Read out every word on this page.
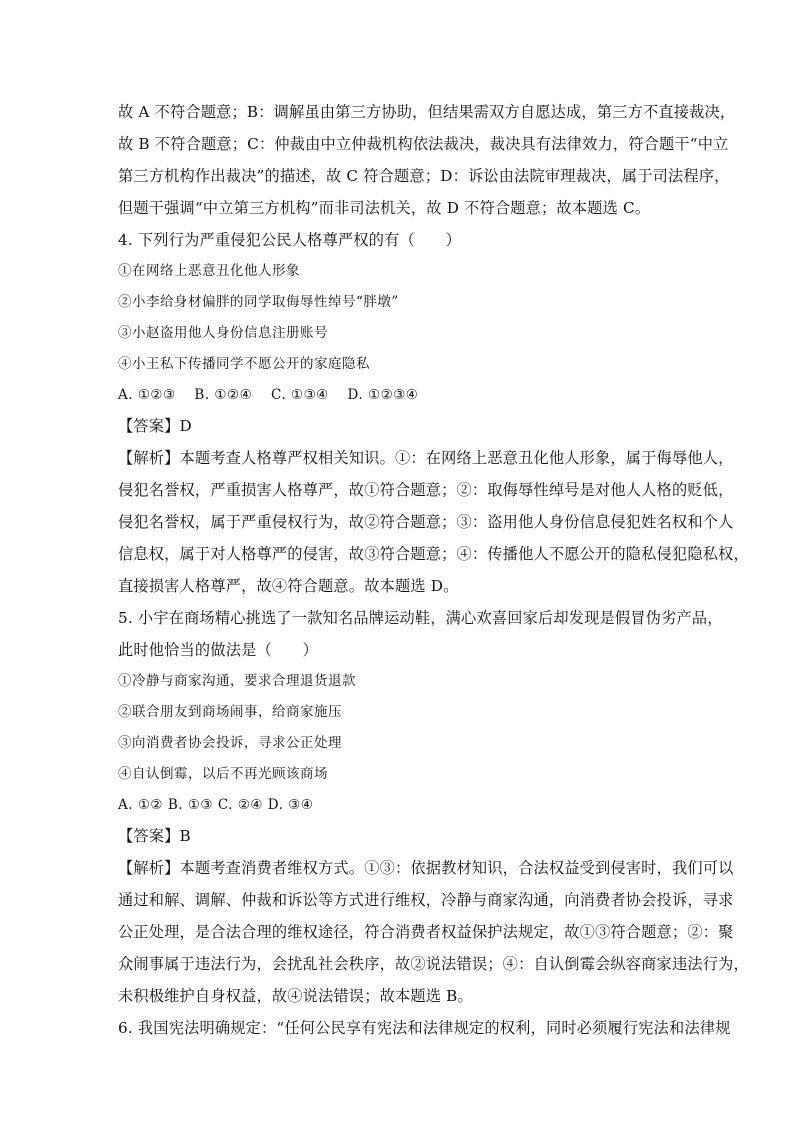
故 A 不符合题意；B：调解虽由第三方协助，但结果需双方自愿达成，第三方不直接裁决，
故 B 不符合题意；C：仲裁由中立仲裁机构依法裁决，裁决具有法律效力，符合题干“中立
第三方机构作出裁决”的描述，故 C 符合题意；D：诉讼由法院审理裁决，属于司法程序，
但题干强调“中立第三方机构”而非司法机关，故 D 不符合题意；故本题选 C。
4. 下列行为严重侵犯公民人格尊严权的有（　　）
①在网络上恶意丑化他人形象
②小李给身材偏胖的同学取侮辱性绰号“胖墩”
③小赵盗用他人身份信息注册账号
④小王私下传播同学不愿公开的家庭隐私
A. ①②③　 B. ①②④　 C. ①③④　 D. ①②③④
【答案】D
【解析】本题考查人格尊严权相关知识。①：在网络上恶意丑化他人形象，属于侮辱他人，
侵犯名誉权，严重损害人格尊严，故①符合题意；②：取侮辱性绰号是对他人人格的贬低，
侵犯名誉权，属于严重侵权行为，故②符合题意；③：盗用他人身份信息侵犯姓名权和个人
信息权，属于对人格尊严的侵害，故③符合题意；④：传播他人不愿公开的隐私侵犯隐私权，
直接损害人格尊严，故④符合题意。故本题选 D。
5. 小宇在商场精心挑选了一款知名品牌运动鞋，满心欢喜回家后却发现是假冒伪劣产品，
此时他恰当的做法是（　　）
①冷静与商家沟通，要求合理退货退款
②联合朋友到商场闹事，给商家施压
③向消费者协会投诉，寻求公正处理
④自认倒霉，以后不再光顾该商场
A. ①② B. ①③ C. ②④ D. ③④
【答案】B
【解析】本题考查消费者维权方式。①③：依据教材知识，合法权益受到侵害时，我们可以
通过和解、调解、仲裁和诉讼等方式进行维权，冷静与商家沟通，向消费者协会投诉，寻求
公正处理，是合法合理的维权途径，符合消费者权益保护法规定，故①③符合题意；②：聚
众闹事属于违法行为，会扰乱社会秩序，故②说法错误；④：自认倒霉会纵容商家违法行为，
未积极维护自身权益，故④说法错误；故本题选 B。
6. 我国宪法明确规定：“任何公民享有宪法和法律规定的权利，同时必须履行宪法和法律规
